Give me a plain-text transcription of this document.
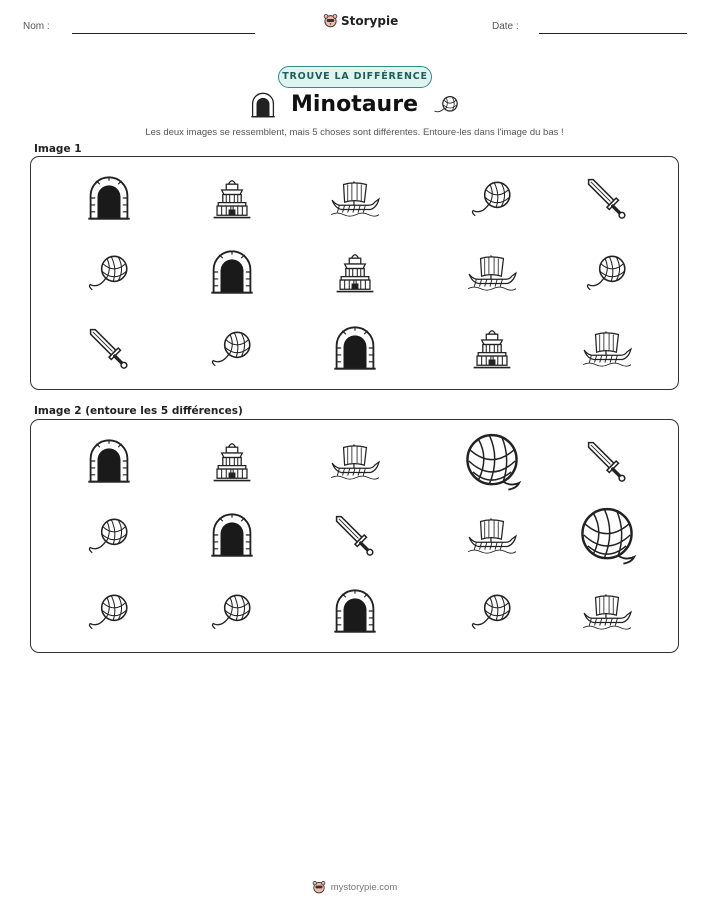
Nom :	Storypie	Date :
TROUVE LA DIFFÉRENCE
Minotaure
Les deux images se ressemblent, mais 5 choses sont différentes. Entoure-les dans l'image du bas !
Image 1
Image 2 (entoure les 5 différences)
mystorypie.com
